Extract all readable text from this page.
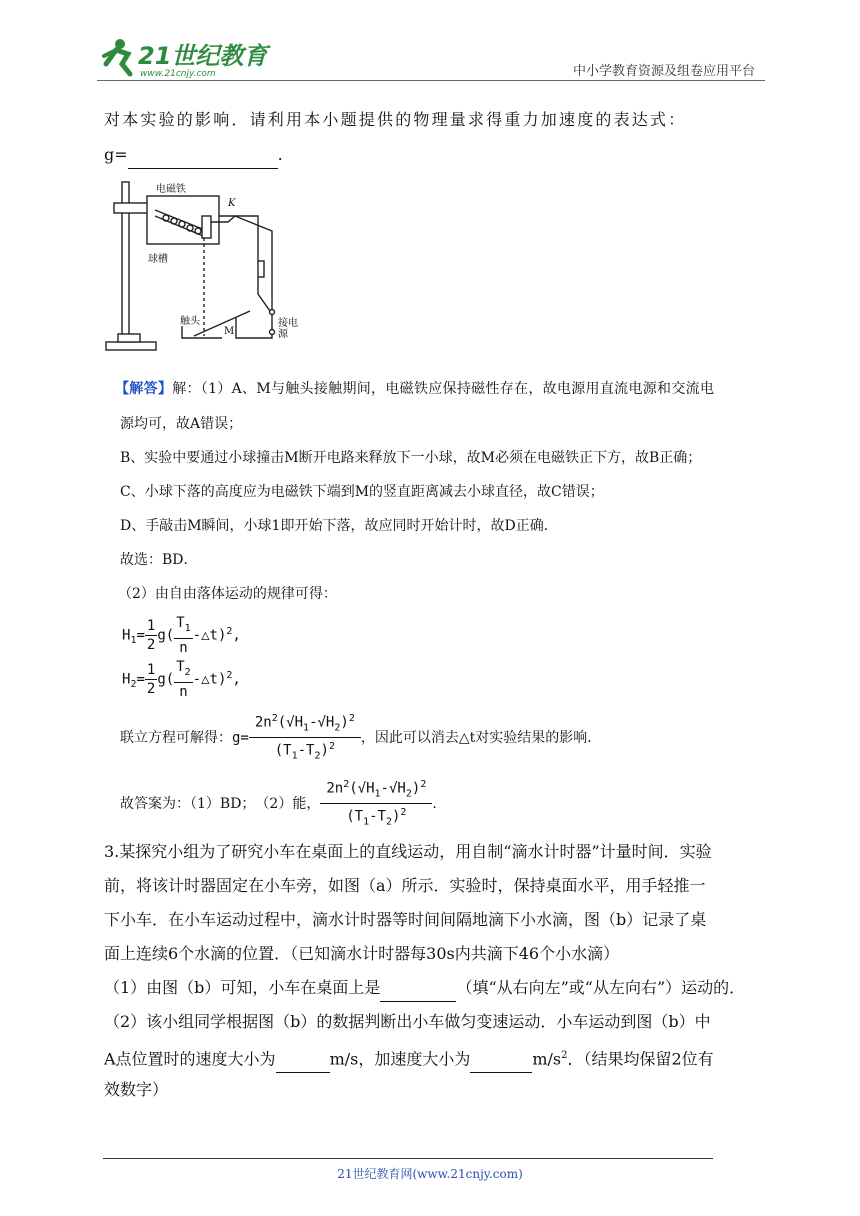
21世纪教育
www.21cnjy.com	中小学教育资源及组卷应用平台
对本实验的影响．请利用本小题提供的物理量求得重力加速度的表达式：
g=	.
电磁铁
K
球槽
触头
M
接电源
【解答】解：（1）A、M与触头接触期间，电磁铁应保持磁性存在，故电源用直流电源和交流电
源均可，故A错误；
B、实验中要通过小球撞击M断开电路来释放下一小球，故M必须在电磁铁正下方，故B正确；
C、小球下落的高度应为电磁铁下端到M的竖直距离减去小球直径，故C错误；
D、手敲击M瞬间，小球1即开始下落，故应同时开始计时，故D正确．
故选：BD．
（2）由自由落体运动的规律可得：
$H_1= \frac{1}{2} g( \frac{T_1}{n}$ -△t)$^2$,
$H_2= \frac{1}{2} g( \frac{T_2}{n}$ -△t)$^2$,
联立方程可解得： $g= \frac{2n^2(√H_1-√H_2)^2}{(T_1-T_2)^2}$ ，因此可以消去△t对实验结果的影响．
故答案为：（1）BD；　（2）能， $\frac{2n^2(√H_1-√H_2)^2}{(T_1-T_2)^2}$ .
3.某探究小组为了研究小车在桌面上的直线运动，用自制“滴水计时器”计量时间．实验
前，将该计时器固定在小车旁，如图（a）所示．实验时，保持桌面水平，用手轻推一
下小车．在小车运动过程中，滴水计时器等时间间隔地滴下小水滴，图（b）记录了桌
面上连续6个水滴的位置．（已知滴水计时器每30s内共滴下46个小水滴）
（1）由图（b）可知，小车在桌面上是	（填“从右向左”或“从左向右”）运动的．
（2）该小组同学根据图（b）的数据判断出小车做匀变速运动．小车运动到图（b）中
A点位置时的速度大小为	m/s，加速度大小为	$m/s^2$．（结果均保留2位有
效数字）
21世纪教育网(www.21cnjy.com)
